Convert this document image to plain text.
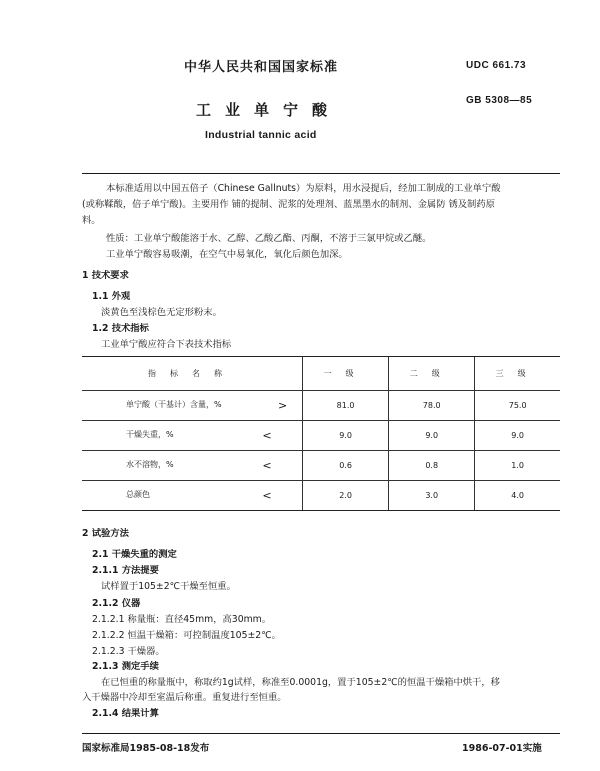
中华人民共和国国家标准	UDC 661.73
GB 5308—85
工业单宁酸
Industrial tannic acid
本标准适用以中国五倍子（Chinese Gallnuts）为原料，用水浸提后，经加工制成的工业单宁酸
(或称鞣酸，倍子单宁酸)。主要用作 铺的提制、泥浆的处理剂、蓝黑墨水的制剂、金属防 锈及制药原
料。
性质：工业单宁酸能溶于水、乙醇、乙酸乙酯、丙酮，不溶于三氯甲烷或乙醚。
工业单宁酸容易吸潮，在空气中易氧化，氧化后颜色加深。
1 技术要求
1.1 外观
淡黄色至浅棕色无定形粉末。
1.2 技术指标
工业单宁酸应符合下表技术指标
指标名称	一级	二级	三级

单宁酸（干基计）含量，% >	81.0	78.0	75.0

干燥失重，% <	9.0	9.0	9.0

水不溶物，% <	0.6	0.8	1.0

总颜色 <	2.0	3.0	4.0
2 试验方法
2.1 干燥失重的测定
2.1.1 方法提要
试样置于105±2℃干燥至恒重。
2.1.2 仪器
2.1.2.1 称量瓶：直径45mm，高30mm。
2.1.2.2 恒温干燥箱：可控制温度105±2℃。
2.1.2.3 干燥器。
2.1.3 测定手续
在已恒重的称量瓶中，称取约1g试样，称准至0.0001g，置于105±2℃的恒温干燥箱中烘干，移
入干燥器中冷却至室温后称重。重复进行至恒重。
2.1.4 结果计算
国家标准局1985-08-18发布	1986-07-01实施
